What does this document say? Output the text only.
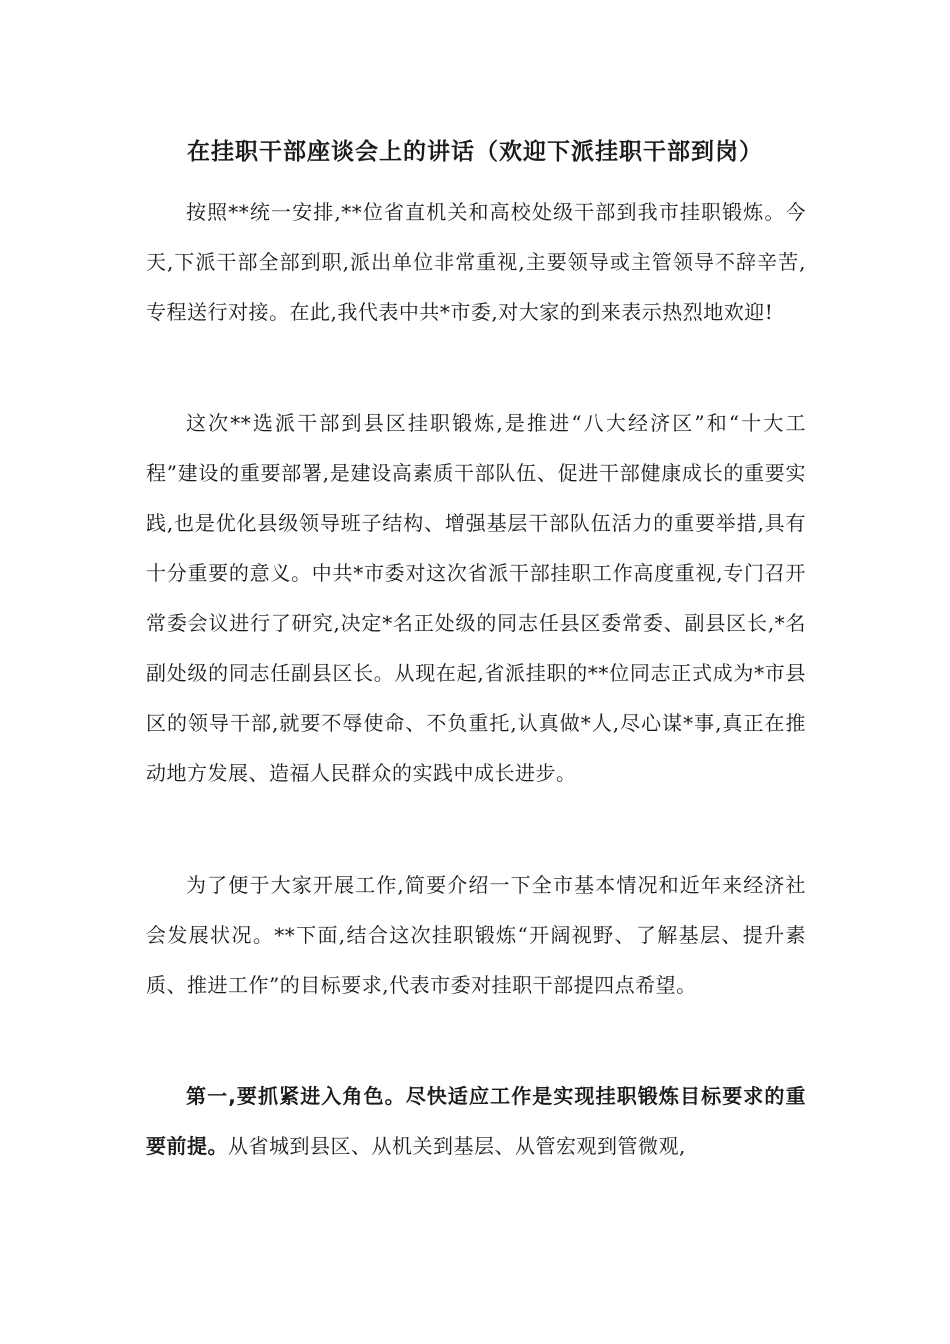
在挂职干部座谈会上的讲话（欢迎下派挂职干部到岗）

按照**统一安排,**位省直机关和高校处级干部到我市挂职锻炼。今天,下派干部全部到职,派出单位非常重视,主要领导或主管领导不辞辛苦,专程送行对接。在此,我代表中共*市委,对大家的到来表示热烈地欢迎!

这次**选派干部到县区挂职锻炼,是推进“八大经济区”和“十大工程”建设的重要部署,是建设高素质干部队伍、促进干部健康成长的重要实践,也是优化县级领导班子结构、增强基层干部队伍活力的重要举措,具有十分重要的意义。中共*市委对这次省派干部挂职工作高度重视,专门召开常委会议进行了研究,决定*名正处级的同志任县区委常委、副县区长,*名副处级的同志任副县区长。从现在起,省派挂职的**位同志正式成为*市县区的领导干部,就要不辱使命、不负重托,认真做*人,尽心谋*事,真正在推动地方发展、造福人民群众的实践中成长进步。

为了便于大家开展工作,简要介绍一下全市基本情况和近年来经济社会发展状况。**下面,结合这次挂职锻炼“开阔视野、了解基层、提升素质、推进工作”的目标要求,代表市委对挂职干部提四点希望。

第一,要抓紧进入角色。尽快适应工作是实现挂职锻炼目标要求的重要前提。从省城到县区、从机关到基层、从管宏观到管微观,
